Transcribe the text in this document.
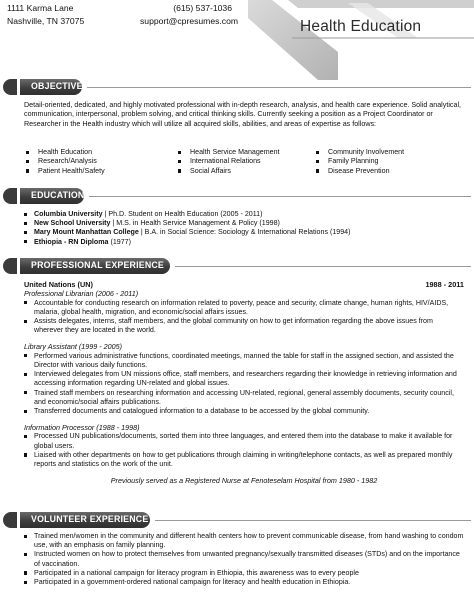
1111 Karma Lane
Nashville, TN 37075
(615) 537-1036
support@cpresumes.com	Health Education
OBJECTIVE
Detail-oriented, dedicated, and highly motivated professional with in-depth research, analysis, and health care experience. Solid analytical, communication, interpersonal, problem solving, and critical thinking skills. Currently seeking a position as a Project Coordinator or Researcher in the Health industry which will utilize all acquired skills, abilities, and areas of expertise as follows:
Health Education	Health Service Management	Community Involvement
Research/Analysis	International Relations	Family Planning
Patient Health/Safety	Social Affairs	Disease Prevention
EDUCATION
Columbia University | Ph.D. Student on Health Education (2005 - 2011)
New School University | M.S. in Health Service Management & Policy (1998)
Mary Mount Manhattan College | B.A. in Social Science: Sociology & International Relations (1994)
Ethiopia - RN Diploma (1977)
PROFESSIONAL EXPERIENCE
United Nations (UN)	1988 - 2011
Professional Librarian (2006 - 2011)
Accountable for conducting research on information related to poverty, peace and security, climate change, human rights, HIV/AIDS, malaria, global health, migration, and economic/social affairs issues.
Assists delegates, interns, staff members, and the global community on how to get information regarding the above issues from wherever they are located in the world.
Library Assistant (1999 - 2005)
Performed various administrative functions, coordinated meetings, manned the table for staff in the assigned section, and assisted the Director with various daily functions.
Interviewed delegates from UN missions office, staff members, and researchers regarding their knowledge in retrieving information and accessing information regarding UN-related and global issues.
Trained staff members on researching information and accessing UN-related, regional, general assembly documents, security council, and economic/social affairs publications.
Transferred documents and catalogued information to a database to be accessed by the global community.
Information Processor (1988 - 1998)
Processed UN publications/documents, sorted them into three languages, and entered them into the database to make it available for global users.
Liaised with other departments on how to get publications through claiming in writing/telephone contacts, as well as prepared monthly reports and statistics on the work of the unit.
Previously served as a Registered Nurse at Fenoteselam Hospital from 1980 - 1982
VOLUNTEER EXPERIENCE
Trained men/women in the community and different health centers how to prevent communicable disease, from hand washing to condom use, with an emphasis on family planning.
Instructed women on how to protect themselves from unwanted pregnancy/sexually transmitted diseases (STDs) and on the importance of vaccination.
Participated in a national campaign for literacy program in Ethiopia, this awareness was to every people
Participated in a government-ordered national campaign for literacy and health education in Ethiopia.
